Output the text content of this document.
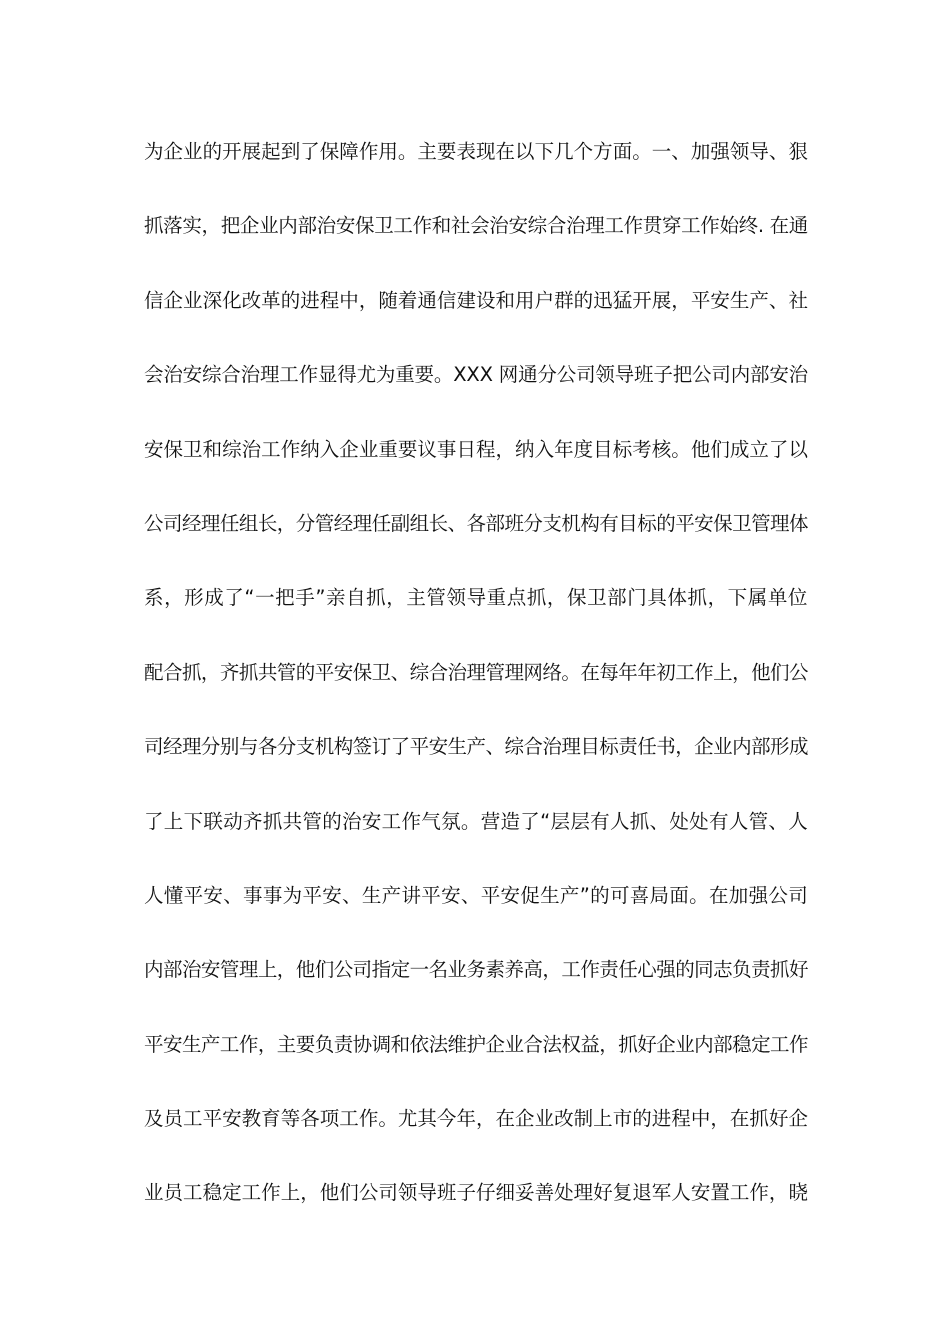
为企业的开展起到了保障作用。主要表现在以下几个方面。一、加强领导、狠
抓落实，把企业内部治安保卫工作和社会治安综合治理工作贯穿工作始终. 在通
信企业深化改革的进程中，随着通信建设和用户群的迅猛开展，平安生产、社
会治安综合治理工作显得尤为重要。XXX 网通分公司领导班子把公司内部安治
安保卫和综治工作纳入企业重要议事日程，纳入年度目标考核。他们成立了以
公司经理任组长，分管经理任副组长、各部班分支机构有目标的平安保卫管理体
系，形成了“一把手”亲自抓，主管领导重点抓，保卫部门具体抓，下属单位
配合抓，齐抓共管的平安保卫、综合治理管理网络。在每年年初工作上，他们公
司经理分别与各分支机构签订了平安生产、综合治理目标责任书，企业内部形成
了上下联动齐抓共管的治安工作气氛。营造了“层层有人抓、处处有人管、人
人懂平安、事事为平安、生产讲平安、平安促生产”的可喜局面。在加强公司
内部治安管理上，他们公司指定一名业务素养高，工作责任心强的同志负责抓好
平安生产工作，主要负责协调和依法维护企业合法权益，抓好企业内部稳定工作
及员工平安教育等各项工作。尤其今年，在企业改制上市的进程中，在抓好企
业员工稳定工作上，他们公司领导班子仔细妥善处理好复退军人安置工作，晓
